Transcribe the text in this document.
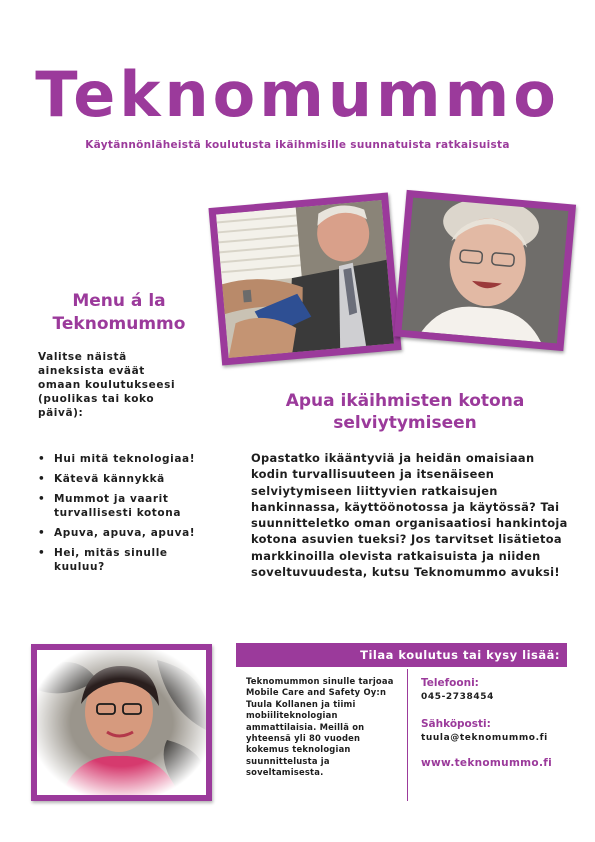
Teknomummo
Käytännönläheistä koulutusta ikäihmisille suunnatuista ratkaisuista
Menu á la
Teknomummo
Valitse näistä aineksista eväät omaan koulutukseesi (puolikas tai koko päivä):
• Hui mitä teknologiaa!
• Kätevä kännykkä
• Mummot ja vaarit turvallisesti kotona
• Apuva, apuva, apuva!
• Hei, mitäs sinulle kuuluu?
Apua ikäihmisten kotona
selviytymiseen
Opastatko ikääntyviä ja heidän omaisiaan kodin turvallisuuteen ja itsenäiseen selviytymiseen liittyvien ratkaisujen hankinnassa, käyttöönotossa ja käytössä? Tai suunnitteletko oman organisaatiosi hankintoja kotona asuvien tueksi? Jos tarvitset lisätietoa markkinoilla olevista ratkaisuista ja niiden soveltuvuudesta, kutsu Teknomummo avuksi!
Tilaa koulutus tai kysy lisää:
Teknomummon sinulle tarjoaa Mobile Care and Safety Oy:n Tuula Kollanen ja tiimi mobiiliteknologian ammattilaisia. Meillä on yhteensä yli 80 vuoden kokemus teknologian suunnittelusta ja soveltamisesta.
Telefooni:
045-2738454
Sähköposti:
tuula@teknomummo.fi
www.teknomummo.fi
